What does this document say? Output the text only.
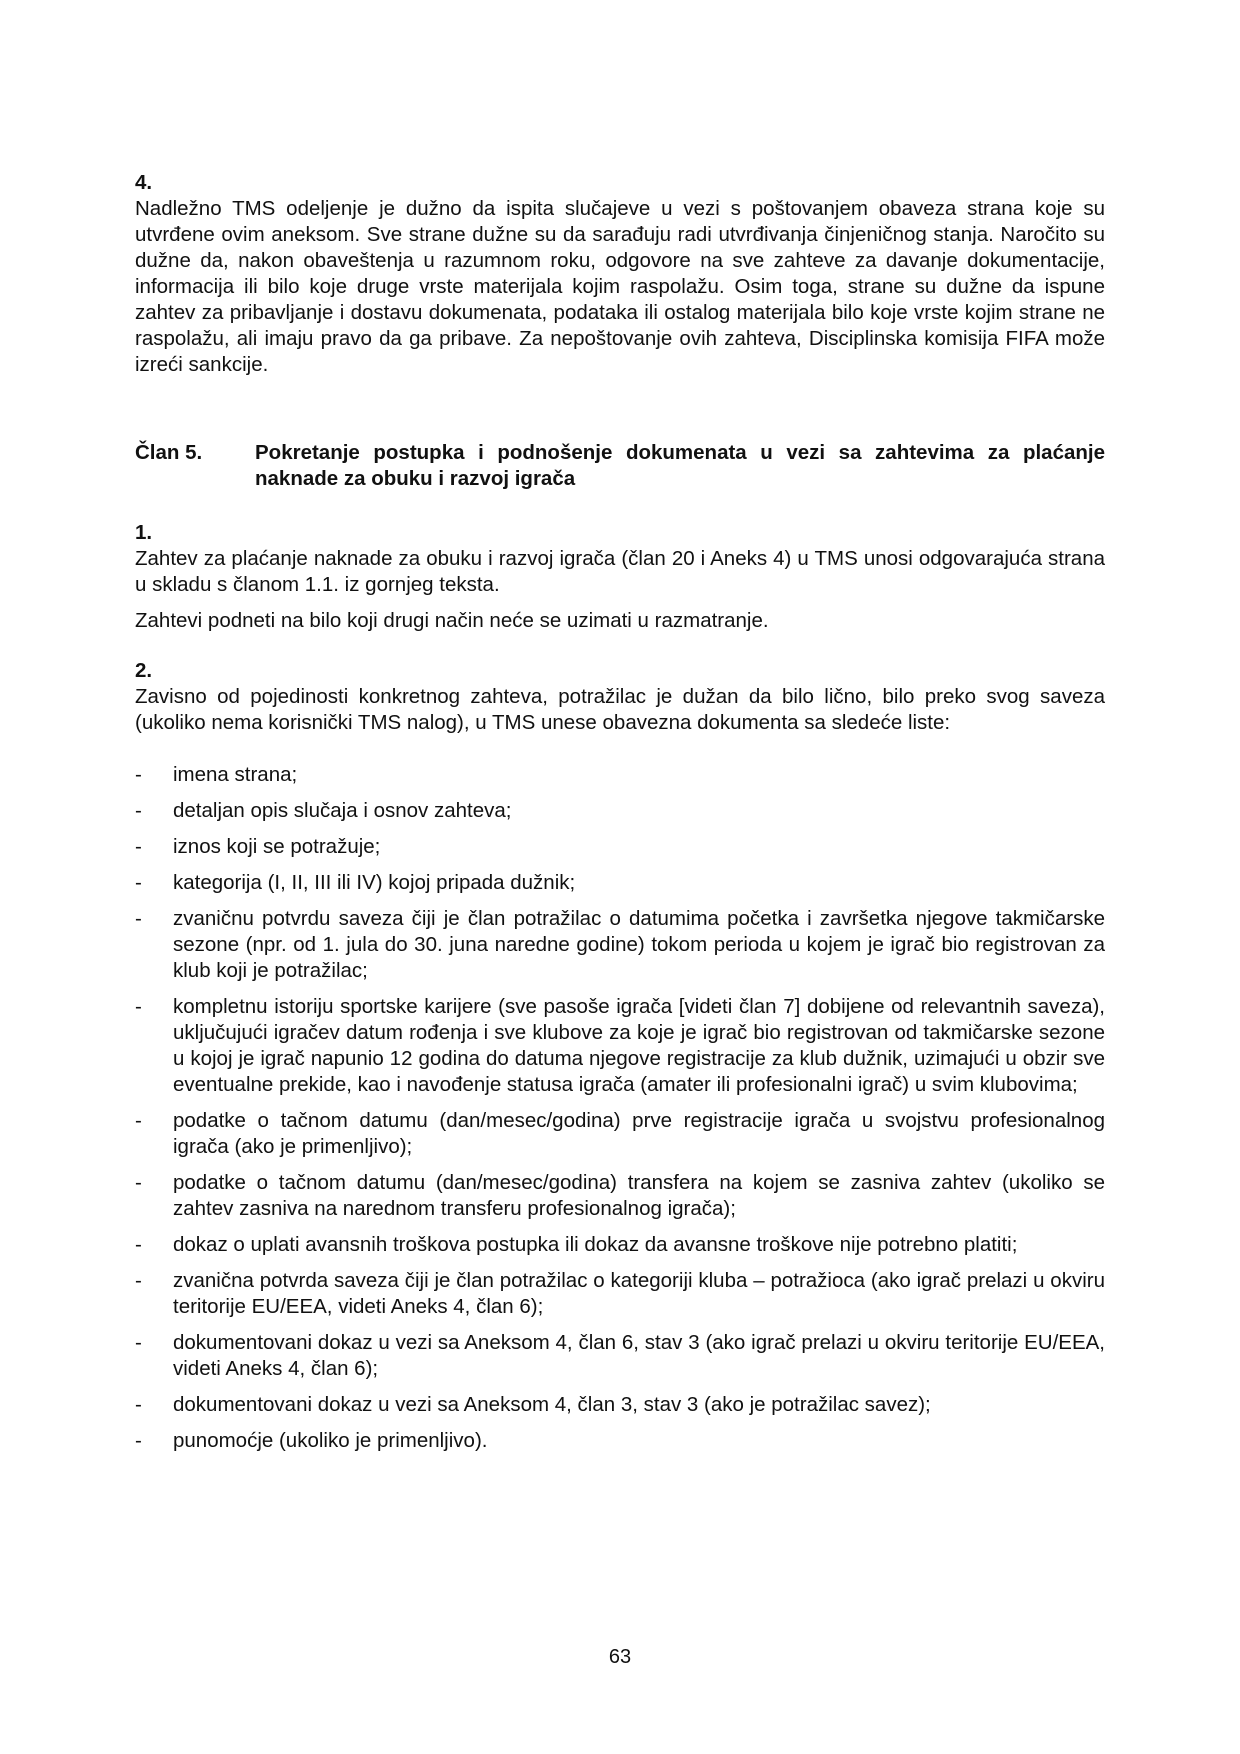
4.

Nadležno TMS odeljenje je dužno da ispita slučajeve u vezi s poštovanjem obaveza strana koje su utvrđene ovim aneksom. Sve strane dužne su da sarađuju radi utvrđivanja činjeničnog stanja. Naročito su dužne da, nakon obaveštenja u razumnom roku, odgovore na sve zahteve za davanje dokumentacije, informacija ili bilo koje druge vrste materijala kojim raspolažu. Osim toga, strane su dužne da ispune zahtev za pribavljanje i dostavu dokumenata, podataka ili ostalog materijala bilo koje vrste kojim strane ne raspolažu, ali imaju pravo da ga pribave. Za nepoštovanje ovih zahteva, Disciplinska komisija FIFA može izreći sankcije.

Član 5.	Pokretanje postupka i podnošenje dokumenata u vezi sa zahtevima za plaćanje naknade za obuku i razvoj igrača

1.

Zahtev za plaćanje naknade za obuku i razvoj igrača (član 20 i Aneks 4) u TMS unosi odgovarajuća strana u skladu s članom 1.1. iz gornjeg teksta.

Zahtevi podneti na bilo koji drugi način neće se uzimati u razmatranje.

2.

Zavisno od pojedinosti konkretnog zahteva, potražilac je dužan da bilo lično, bilo preko svog saveza (ukoliko nema korisnički TMS nalog), u TMS unese obavezna dokumenta sa sledeće liste:

-	imena strana;
-	detaljan opis slučaja i osnov zahteva;
-	iznos koji se potražuje;
-	kategorija (I, II, III ili IV) kojoj pripada dužnik;
-	zvaničnu potvrdu saveza čiji je član potražilac o datumima početka i završetka njegove takmičarske sezone (npr. od 1. jula do 30. juna naredne godine) tokom perioda u kojem je igrač bio registrovan za klub koji je potražilac;
-	kompletnu istoriju sportske karijere (sve pasoše igrača [videti član 7] dobijene od relevantnih saveza), uključujući igračev datum rođenja i sve klubove za koje je igrač bio registrovan od takmičarske sezone u kojoj je igrač napunio 12 godina do datuma njegove registracije za klub dužnik, uzimajući u obzir sve eventualne prekide, kao i navođenje statusa igrača (amater ili profesionalni igrač) u svim klubovima;
-	podatke o tačnom datumu (dan/mesec/godina) prve registracije igrača u svojstvu profesionalnog igrača (ako je primenljivo);
-	podatke o tačnom datumu (dan/mesec/godina) transfera na kojem se zasniva zahtev (ukoliko se zahtev zasniva na narednom transferu profesionalnog igrača);
-	dokaz o uplati avansnih troškova postupka ili dokaz da avansne troškove nije potrebno platiti;
-	zvanična potvrda saveza čiji je član potražilac o kategoriji kluba – potražioca (ako igrač prelazi u okviru teritorije EU/EEA, videti Aneks 4, član 6);
-	dokumentovani dokaz u vezi sa Aneksom 4, član 6, stav 3 (ako igrač prelazi u okviru teritorije EU/EEA, videti Aneks 4, član 6);
-	dokumentovani dokaz u vezi sa Aneksom 4, član 3, stav 3 (ako je potražilac savez);
-	punomoćje (ukoliko je primenljivo).
63
